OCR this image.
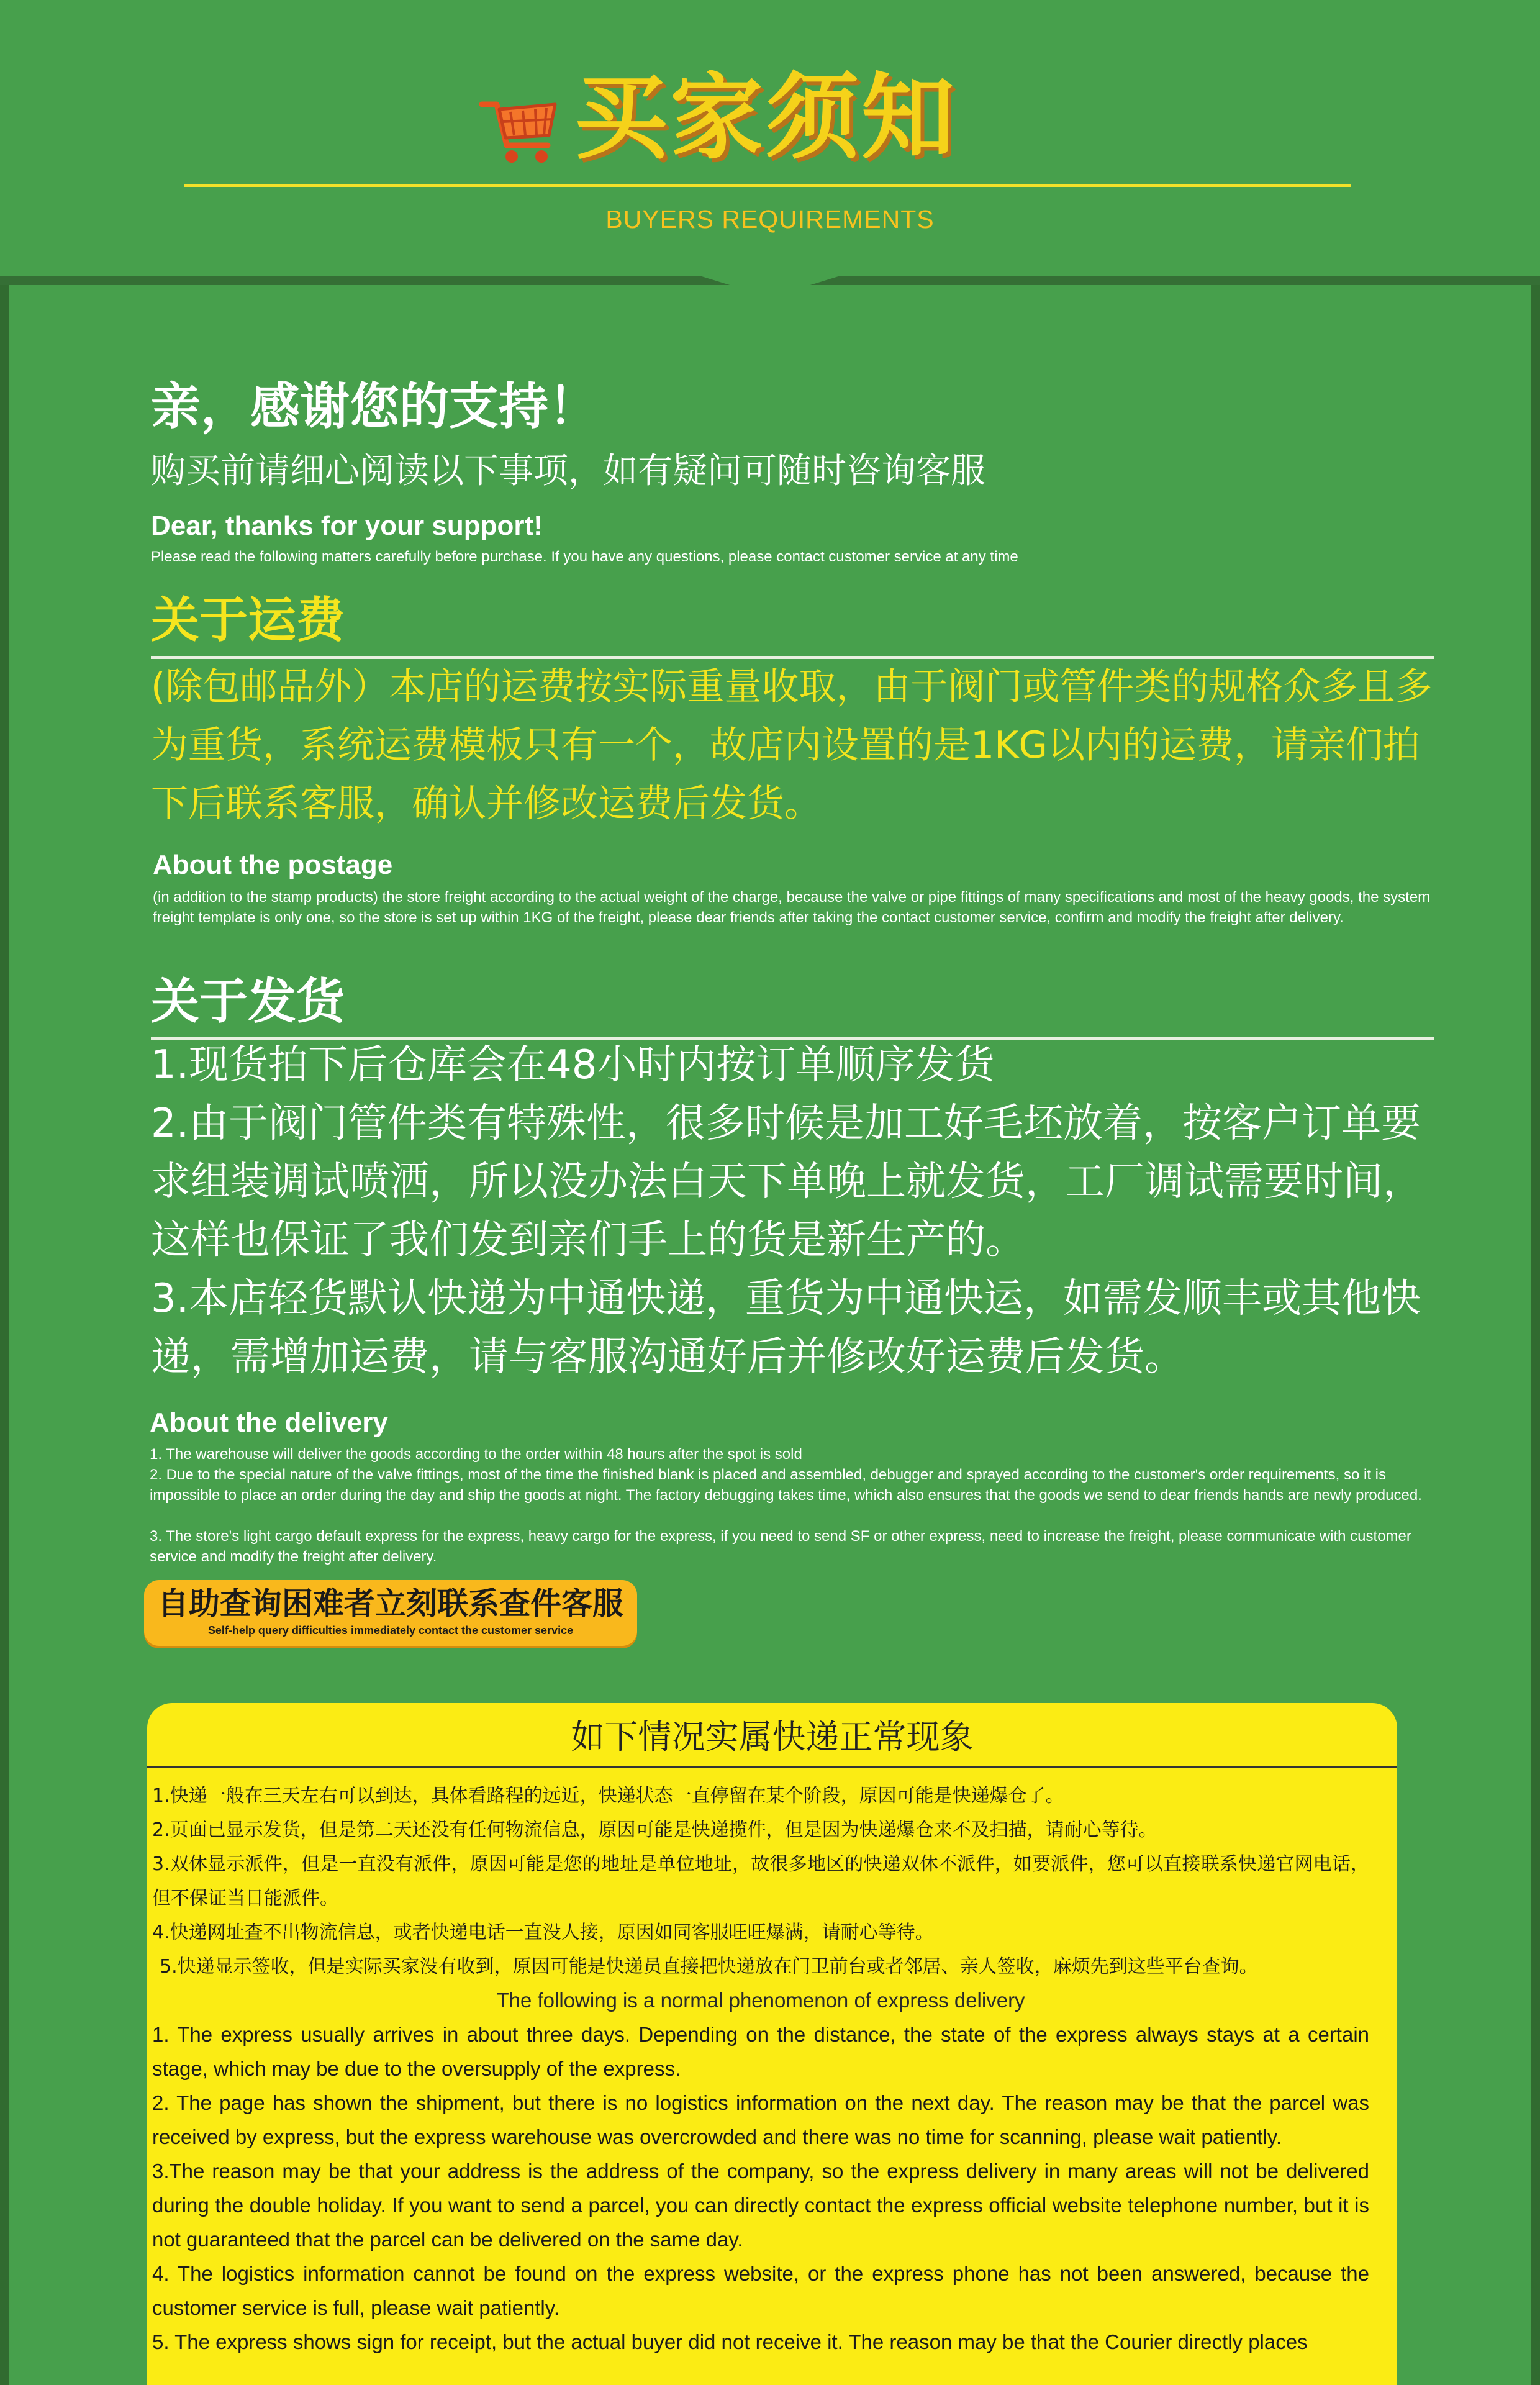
买家须知
BUYERS REQUIREMENTS
亲，感谢您的支持！
购买前请细心阅读以下事项，如有疑问可随时咨询客服
Dear, thanks for your support!
Please read the following matters carefully before purchase. If you have any questions, please contact customer service at any time
关于运费
(除包邮品外）本店的运费按实际重量收取，由于阀门或管件类的规格众多且多为重货，系统运费模板只有一个，故店内设置的是1KG以内的运费，请亲们拍下后联系客服，确认并修改运费后发货。
About the postage
(in addition to the stamp products) the store freight according to the actual weight of the charge, because the valve or pipe fittings of many specifications and most of the heavy goods, the system freight template is only one, so the store is set up within 1KG of the freight, please dear friends after taking the contact customer service, confirm and modify the freight after delivery.
关于发货
1.现货拍下后仓库会在48小时内按订单顺序发货
2.由于阀门管件类有特殊性，很多时候是加工好毛坯放着，按客户订单要求组装调试喷洒，所以没办法白天下单晚上就发货，工厂调试需要时间，这样也保证了我们发到亲们手上的货是新生产的。
3.本店轻货默认快递为中通快递，重货为中通快运，如需发顺丰或其他快递，需增加运费，请与客服沟通好后并修改好运费后发货。
About the delivery
1. The warehouse will deliver the goods according to the order within 48 hours after the spot is sold
2. Due to the special nature of the valve fittings, most of the time the finished blank is placed and assembled, debugger and sprayed according to the customer's order requirements, so it is impossible to place an order during the day and ship the goods at night. The factory debugging takes time, which also ensures that the goods we send to dear friends hands are newly produced.
3. The store's light cargo default express for the express, heavy cargo for the express, if you need to send SF or other express, need to increase the freight, please communicate with customer service and modify the freight after delivery.
自助查询困难者立刻联系查件客服
Self-help query difficulties immediately contact the customer service
如下情况实属快递正常现象
1.快递一般在三天左右可以到达，具体看路程的远近，快递状态一直停留在某个阶段，原因可能是快递爆仓了。
2.页面已显示发货，但是第二天还没有任何物流信息，原因可能是快递揽件，但是因为快递爆仓来不及扫描，请耐心等待。
3.双休显示派件，但是一直没有派件，原因可能是您的地址是单位地址，故很多地区的快递双休不派件，如要派件，您可以直接联系快递官网电话，但不保证当日能派件。
4.快递网址查不出物流信息，或者快递电话一直没人接，原因如同客服旺旺爆满，请耐心等待。
5.快递显示签收，但是实际买家没有收到，原因可能是快递员直接把快递放在门卫前台或者邻居、亲人签收，麻烦先到这些平台查询。
The following is a normal phenomenon of express delivery
1. The express usually arrives in about three days. Depending on the distance, the state of the express always stays at a certain stage, which may be due to the oversupply of the express.
2. The page has shown the shipment, but there is no logistics information on the next day. The reason may be that the parcel was received by express, but the express warehouse was overcrowded and there was no time for scanning, please wait patiently.
3.The reason may be that your address is the address of the company, so the express delivery in many areas will not be delivered during the double holiday. If you want to send a parcel, you can directly contact the express official website telephone number, but it is not guaranteed that the parcel can be delivered on the same day.
4. The logistics information cannot be found on the express website, or the express phone has not been answered, because the customer service is full, please wait patiently.
5. The express shows sign for receipt, but the actual buyer did not receive it. The reason may be that the Courier directly places
